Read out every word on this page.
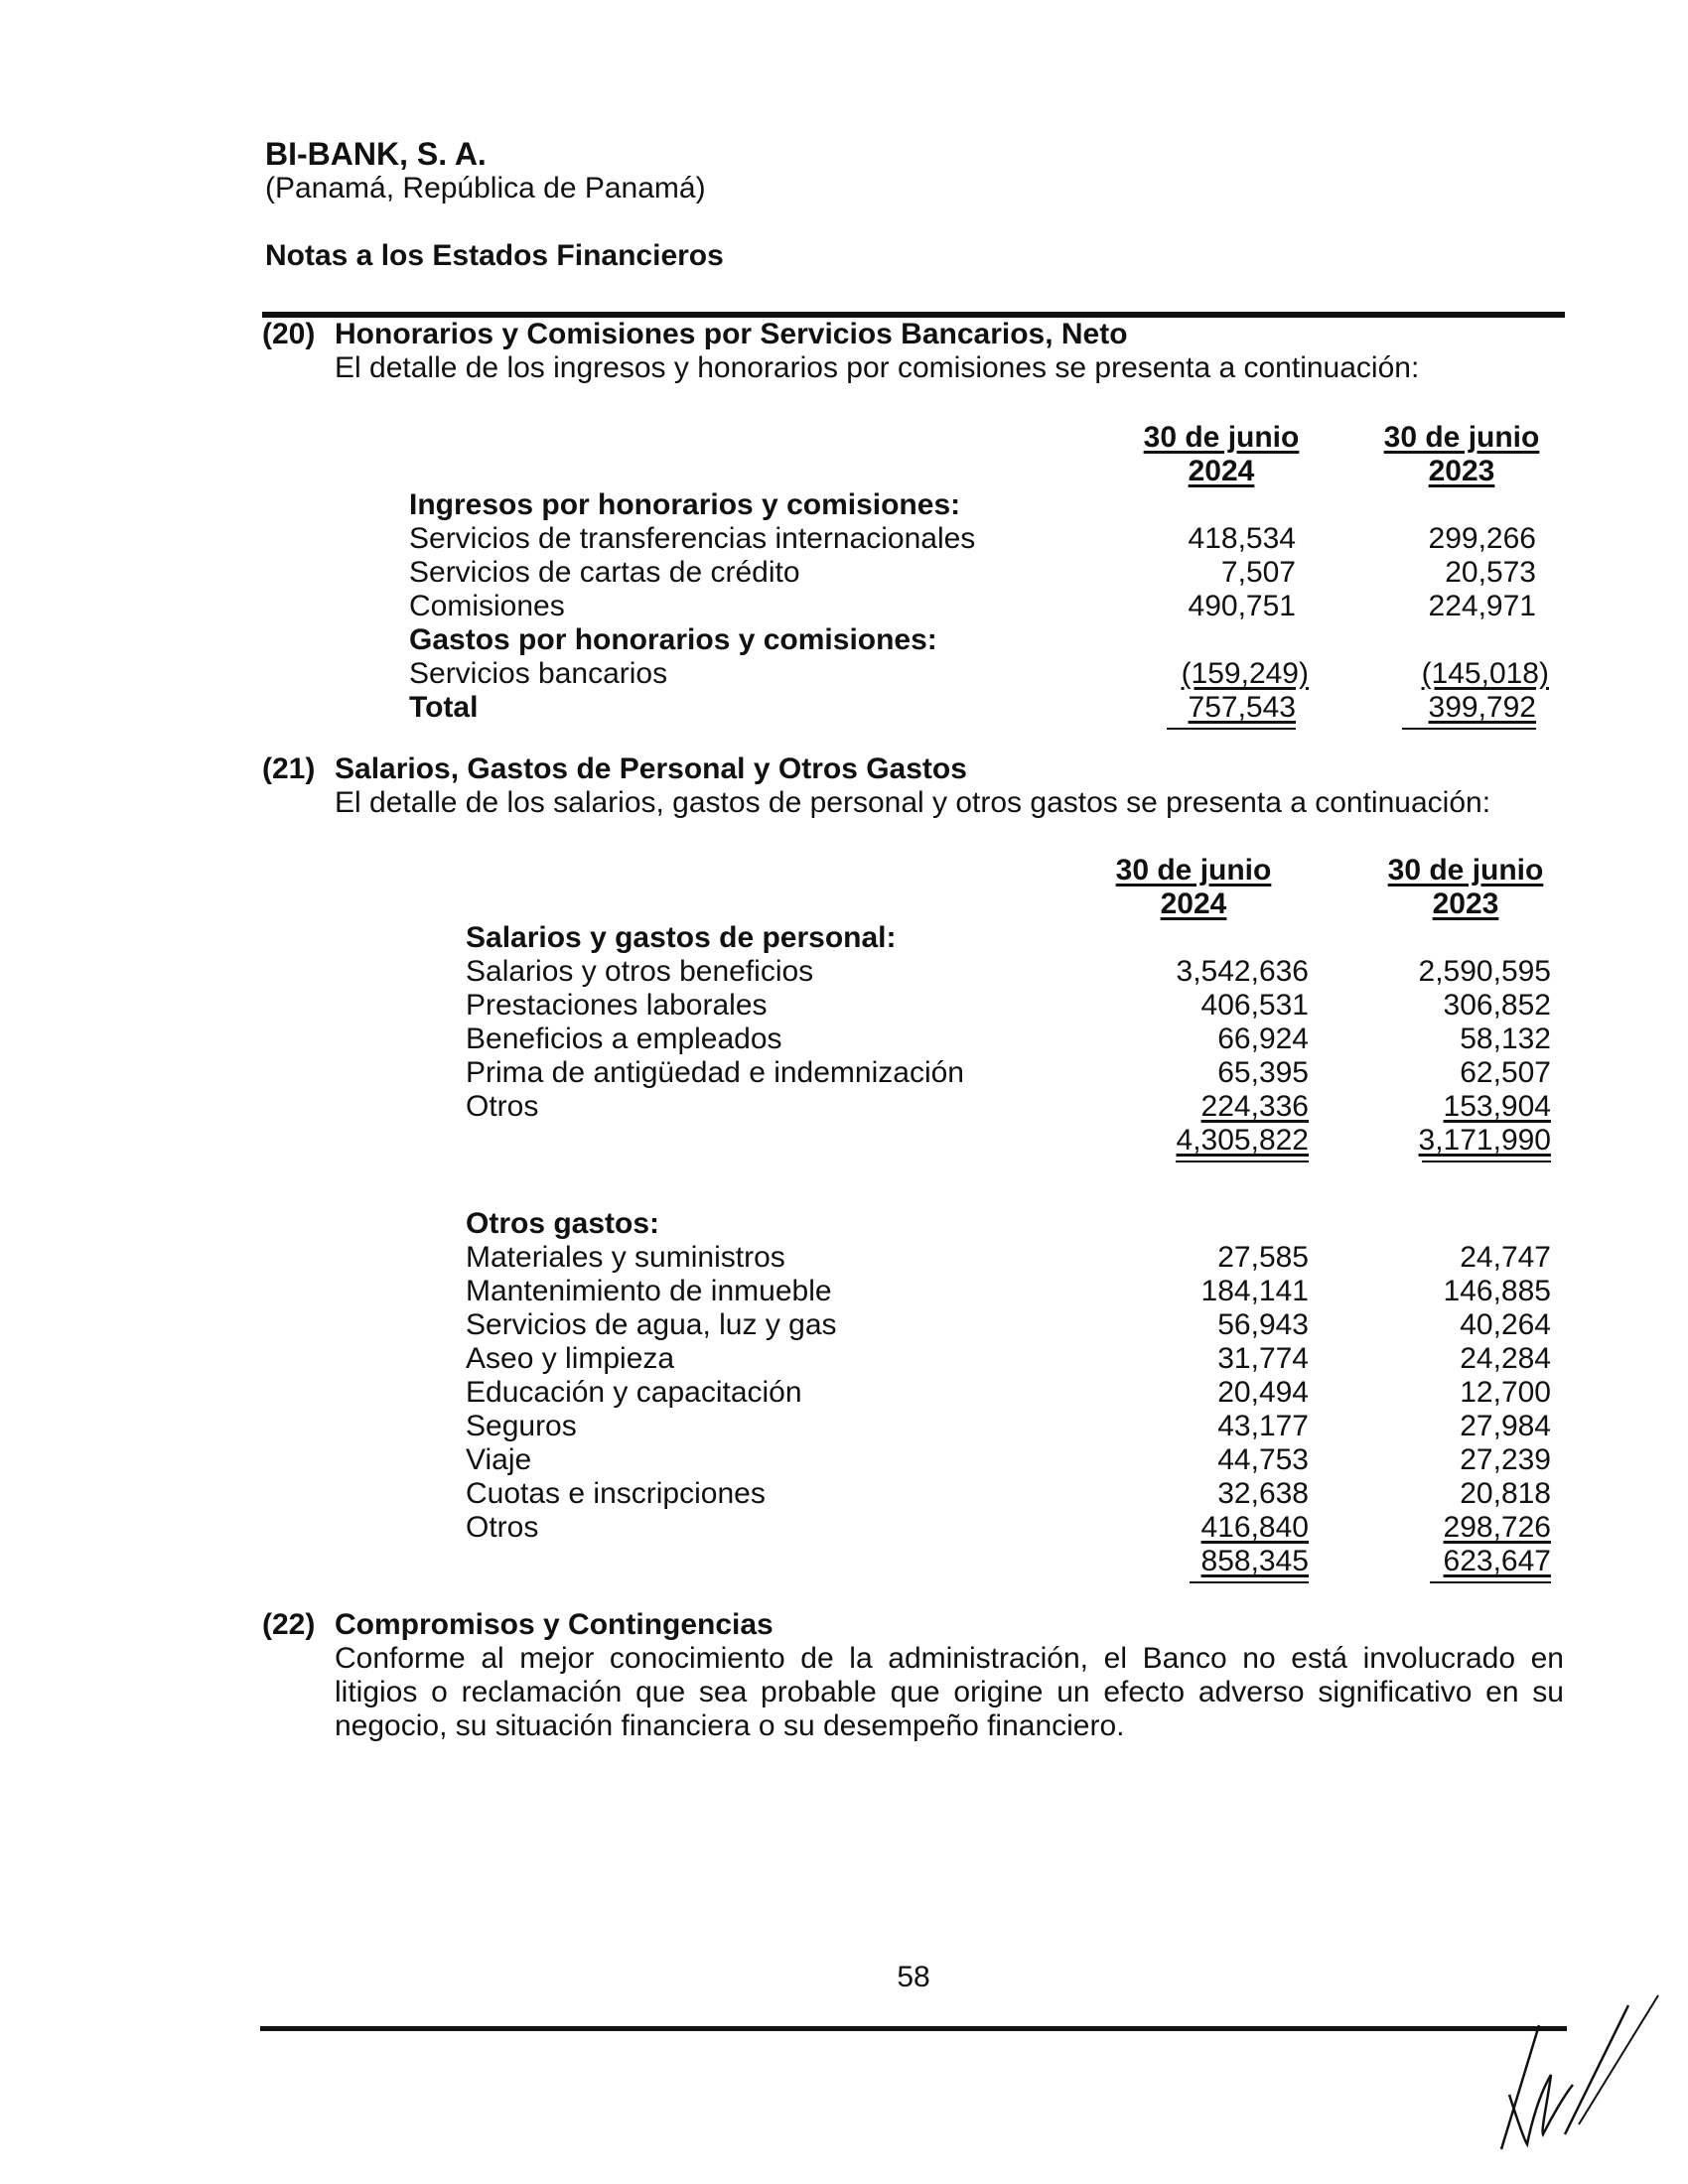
BI-BANK, S. A.
(Panamá, República de Panamá)
Notas a los Estados Financieros
(20) Honorarios y Comisiones por Servicios Bancarios, Neto
El detalle de los ingresos y honorarios por comisiones se presenta a continuación:
30 de junio
2024
30 de junio
2023
Ingresos por honorarios y comisiones:
Servicios de transferencias internacionales	418,534	299,266
Servicios de cartas de crédito	7,507	20,573
Comisiones	490,751	224,971
Gastos por honorarios y comisiones:
Servicios bancarios	(159,249)	(145,018)
Total	757,543	399,792
(21) Salarios, Gastos de Personal y Otros Gastos
El detalle de los salarios, gastos de personal y otros gastos se presenta a continuación:
30 de junio
2024
30 de junio
2023
Salarios y gastos de personal:
Salarios y otros beneficios	3,542,636	2,590,595
Prestaciones laborales	406,531	306,852
Beneficios a empleados	66,924	58,132
Prima de antigüedad e indemnización	65,395	62,507
Otros	224,336	153,904
4,305,822	3,171,990
Otros gastos:
Materiales y suministros	27,585	24,747
Mantenimiento de inmueble	184,141	146,885
Servicios de agua, luz y gas	56,943	40,264
Aseo y limpieza	31,774	24,284
Educación y capacitación	20,494	12,700
Seguros	43,177	27,984
Viaje	44,753	27,239
Cuotas e inscripciones	32,638	20,818
Otros	416,840	298,726
858,345	623,647
(22) Compromisos y Contingencias
Conforme al mejor conocimiento de la administración, el Banco no está involucrado en litigios o reclamación que sea probable que origine un efecto adverso significativo en su negocio, su situación financiera o su desempeño financiero.
58
